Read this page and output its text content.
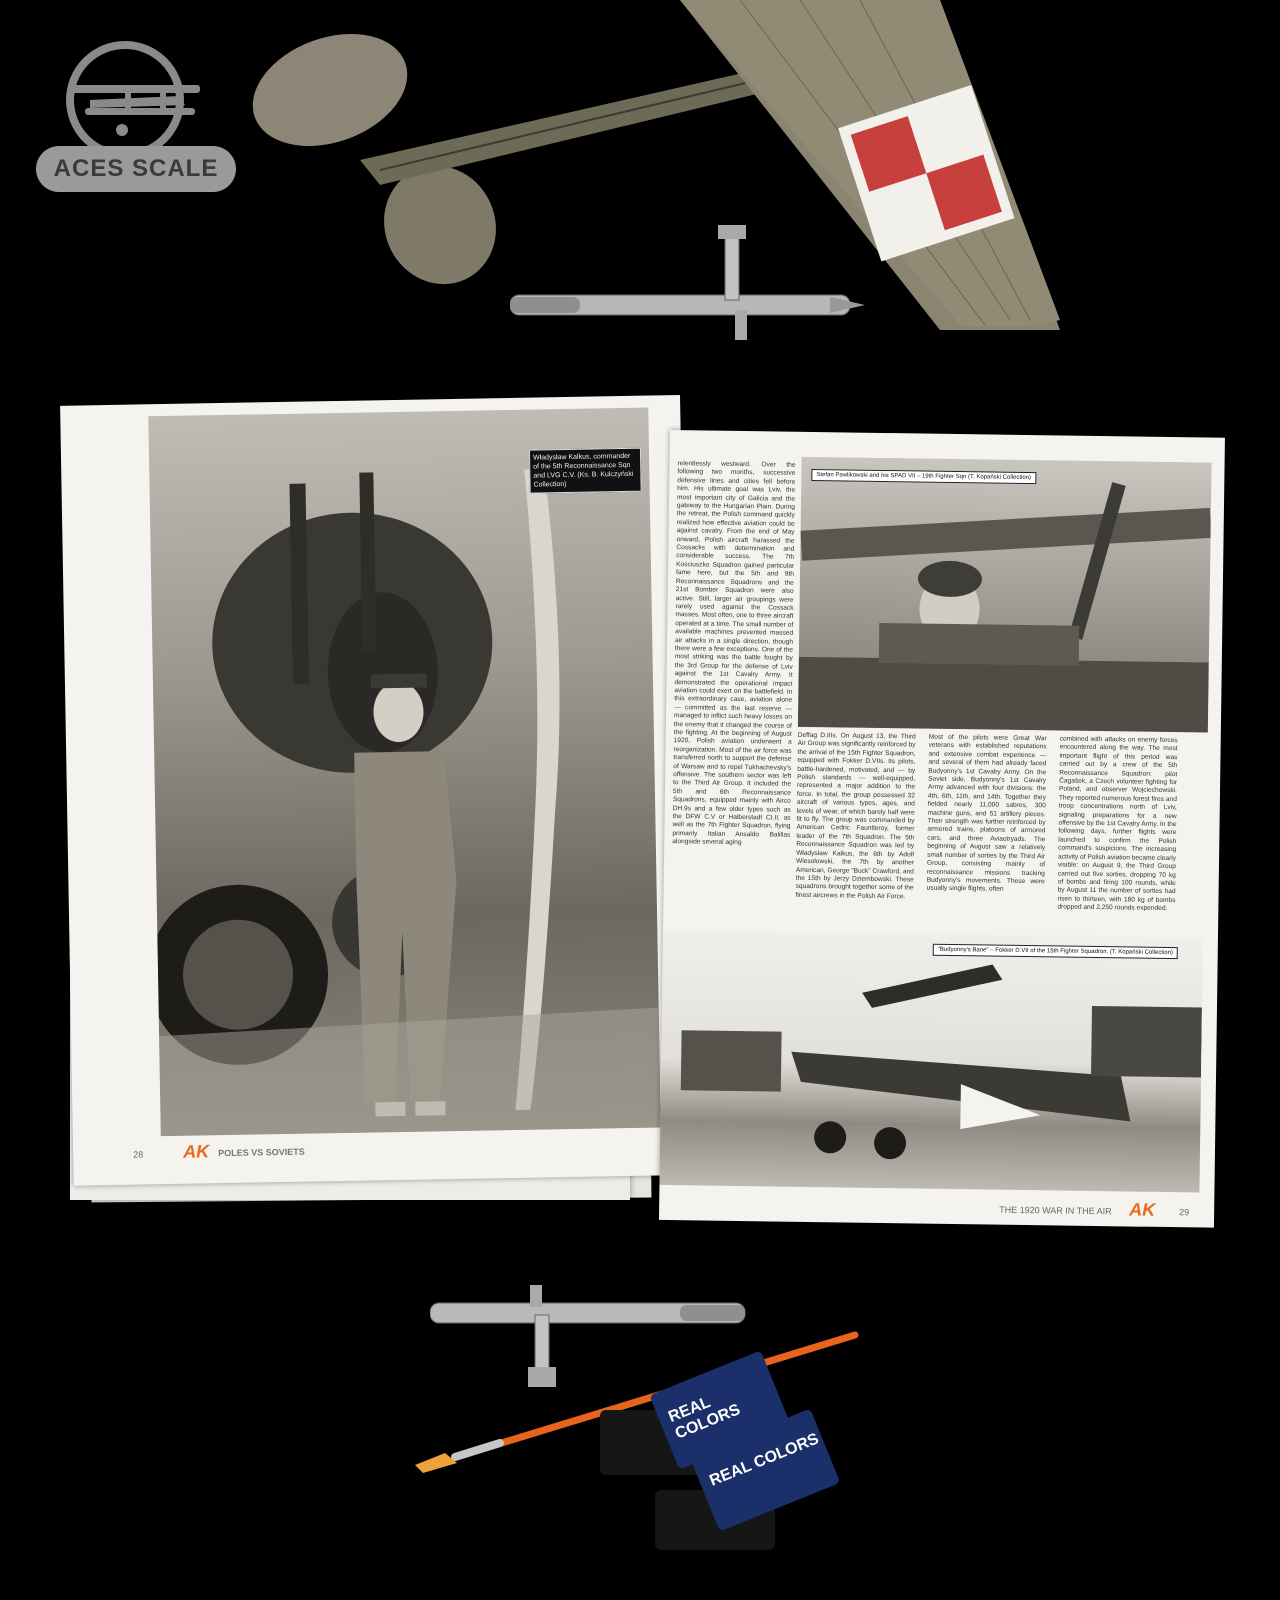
ACES SCALE
Władysław Kalkus, commander of the 5th Reconnaissance Sqn and LVG C.V. (Ks. B. Kulczyński Collection)
28 AK POLES VS SOVIETS
relentlessly westward. Over the following two months, successive defensive lines and cities fell before him. His ultimate goal was Lviv, the most important city of Galicia and the gateway to the Hungarian Plain. During the retreat, the Polish command quickly realized how effective aviation could be against cavalry. From the end of May onward, Polish aircraft harassed the Cossacks with determination and considerable success. The 7th Kościuszko Squadron gained particular fame here, but the 5th and 9th Reconnaissance Squadrons and the 21st Bomber Squadron were also active. Still, larger air groupings were rarely used against the Cossack masses. Most often, one to three aircraft operated at a time. The small number of available machines prevented massed air attacks in a single direction, though there were a few exceptions. One of the most striking was the battle fought by the 3rd Group for the defense of Lviv against the 1st Cavalry Army. It demonstrated the operational impact aviation could exert on the battlefield. In this extraordinary case, aviation alone — committed as the last reserve — managed to inflict such heavy losses on the enemy that it changed the course of the fighting. At the beginning of August 1920, Polish aviation underwent a reorganization. Most of the air force was transferred north to support the defense of Warsaw and to repel Tukhachevsky's offensive. The southern sector was left to the Third Air Group. It included the 5th and 6th Reconnaissance Squadrons, equipped mainly with Airco DH.9s and a few older types such as the DFW C.V or Halberstadt CI.II, as well as the 7th Fighter Squadron, flying primarily Italian Ansaldo Balillas alongside several aging
Stefan Pawlikowski and his SPAD VII – 19th Fighter Sqn (T. Kopański Collection)
Deffag D.IIIs. On August 13, the Third Air Group was significantly reinforced by the arrival of the 15th Fighter Squadron, equipped with Fokker D.VIIs. Its pilots, battle-hardened, motivated, and — by Polish standards — well-equipped, represented a major addition to the force. In total, the group possessed 32 aircraft of various types, ages, and levels of wear, of which barely half were fit to fly. The group was commanded by American Cedric Fauntleroy, former leader of the 7th Squadron. The 5th Reconnaissance Squadron was led by Władysław Kalkus, the 6th by Adolf Wiesołowski, the 7th by another American, George "Buck" Crawford, and the 15th by Jerzy Dziembowski. These squadrons brought together some of the finest aircrews in the Polish Air Force.
Most of the pilots were Great War veterans with established reputations and extensive combat experience — and several of them had already faced Budyonny's 1st Cavalry Army. On the Soviet side, Budyonny's 1st Cavalry Army advanced with four divisions: the 4th, 6th, 11th, and 14th. Together they fielded nearly 11,000 sabres, 300 machine guns, and 51 artillery pieces. Their strength was further reinforced by armored trains, platoons of armored cars, and three Aviaotryads. The beginning of August saw a relatively small number of sorties by the Third Air Group, consisting mainly of reconnaissance missions tracking Budyonny's movements. These were usually single flights, often
combined with attacks on enemy forces encountered along the way. The most important flight of this period was carried out by a crew of the 5th Reconnaissance Squadron: pilot Čagašek, a Czech volunteer fighting for Poland, and observer Wojciechowski. They reported numerous forest fires and troop concentrations north of Lviv, signaling preparations for a new offensive by the 1st Cavalry Army. In the following days, further flights were launched to confirm the Polish command's suspicions. The increasing activity of Polish aviation became clearly visible: on August 9, the Third Group carried out five sorties, dropping 70 kg of bombs and firing 100 rounds, while by August 11 the number of sorties had risen to thirteen, with 180 kg of bombs dropped and 2,250 rounds expended.
"Budyonny's Bane" – Fokker D.VII of the 15th Fighter Squadron. (T. Kopański Collection)
THE 1920 WAR IN THE AIR AK	29
REAL COLORS
REAL COLORS
